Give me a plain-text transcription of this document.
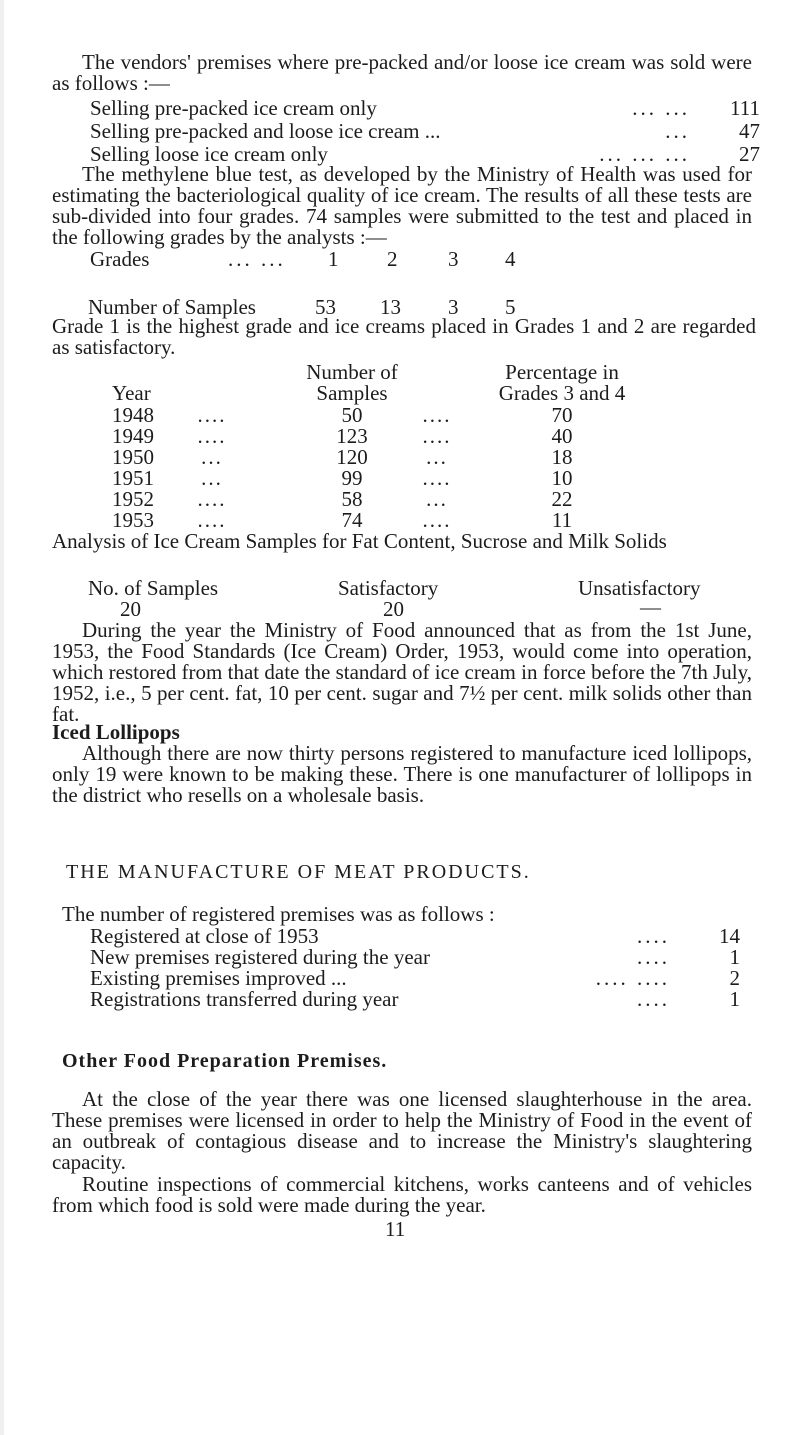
The vendors' premises where pre-packed and/or loose ice cream was sold were as follows :—
Selling pre-packed ice cream only	... ...	111
Selling pre-packed and loose ice cream ...	...	47
Selling loose ice cream only	... ... ...	27
The methylene blue test, as developed by the Ministry of Health was used for estimating the bacteriological quality of ice cream. The results of all these tests are sub-divided into four grades. 74 samples were submitted to the test and placed in the following grades by the analysts :—
Grades	... ... 1 2 3 4
Number of Samples	53 13 3 5
Grade 1 is the highest grade and ice creams placed in Grades 1 and 2 are regarded as satisfactory.
Number of	Percentage in
Year	Samples	Grades 3 and 4
1948	....	50	....	70
1949	....	123	....	40
1950	...	120	...	18
1951	...	99	....	10
1952	....	58	...	22
1953	....	74	....	11
Analysis of Ice Cream Samples for Fat Content, Sucrose and Milk Solids
No. of Samples	Satisfactory	Unsatisfactory
20	20	—
During the year the Ministry of Food announced that as from the 1st June, 1953, the Food Standards (Ice Cream) Order, 1953, would come into operation, which restored from that date the standard of ice cream in force before the 7th July, 1952, i.e., 5 per cent. fat, 10 per cent. sugar and 7½ per cent. milk solids other than fat.
Iced Lollipops
Although there are now thirty persons registered to manufacture iced lollipops, only 19 were known to be making these. There is one manufacturer of lollipops in the district who resells on a wholesale basis.
THE MANUFACTURE OF MEAT PRODUCTS.
The number of registered premises was as follows :
Registered at close of 1953	....	14
New premises registered during the year	....	1
Existing premises improved ...	.... ....	2
Registrations transferred during year	....	1
Other Food Preparation Premises.
At the close of the year there was one licensed slaughterhouse in the area. These premises were licensed in order to help the Ministry of Food in the event of an outbreak of contagious disease and to increase the Ministry's slaughtering capacity.
Routine inspections of commercial kitchens, works canteens and of vehicles from which food is sold were made during the year.
11
